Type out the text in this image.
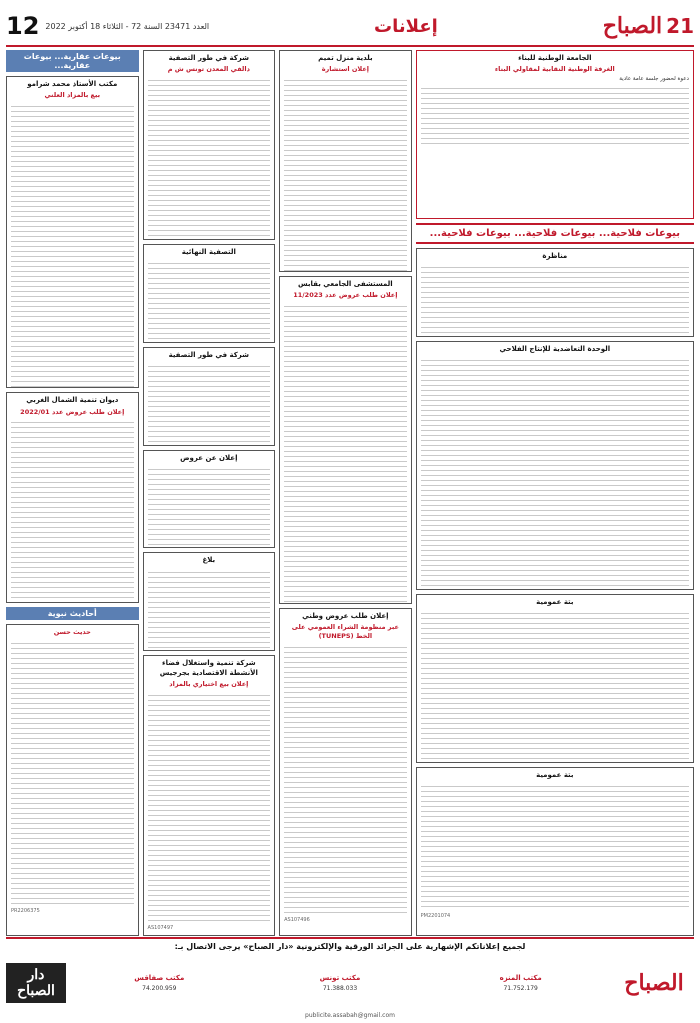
21
الصباح
إعلانات
العدد 23471 السنة 72 - الثلاثاء 18 أكتوبر 2022
12
الجامعة الوطنية للبناء
الغرفة الوطنية النقابية لمقاولي البناء

دعوة لحضور جلسة عامة عادية

بيوعات فلاحية... بيوعات فلاحية... بيوعات فلاحية...
مناظرة
الوحدة التعاضدية للإنتاج الفلاحي
بتة عمومية
بتة عمومية
PM2201074
بلدية منزل تميم
إعلان استشارة
المستشفى الجامعي بقابس
إعلان طلب عروض عدد 11/2023
إعلان طلب عروض وطني
عبر منظومة الشراء العمومي على الخط (TUNEPS)
AS107496
شركة في طور التصفية
دالفي المعدن تونس ش م
التصفية النهائية
شركة في طور التصفية
إعلان عن عروض
بلاغ
شركة تنمية واستغلال فضاء الأنشطة الاقتصادية بجرجيس
إعلان بيع اختياري بالمزاد
AS107497
بيوعات عقارية... بيوعات عقارية...
مكتب الأستاذ محمد شرامو
بيع بالمزاد العلني
ديوان تنمية الشمال الغربي
إعلان طلب عروض عدد 2022/01
أحاديث نبوية
حديث حسن
PR2206375
لجميع إعلاناتكم الإشهارية على الجرائد الورقية والإلكترونية «دار الصباح» يرجى الاتصال بـ:
الصباح
مكتب المنزه
71.752.179
مكتب تونس
71.388.033
مكتب صفاقس
74.200.959
دار الصباح
publicite.assabah@gmail.com
